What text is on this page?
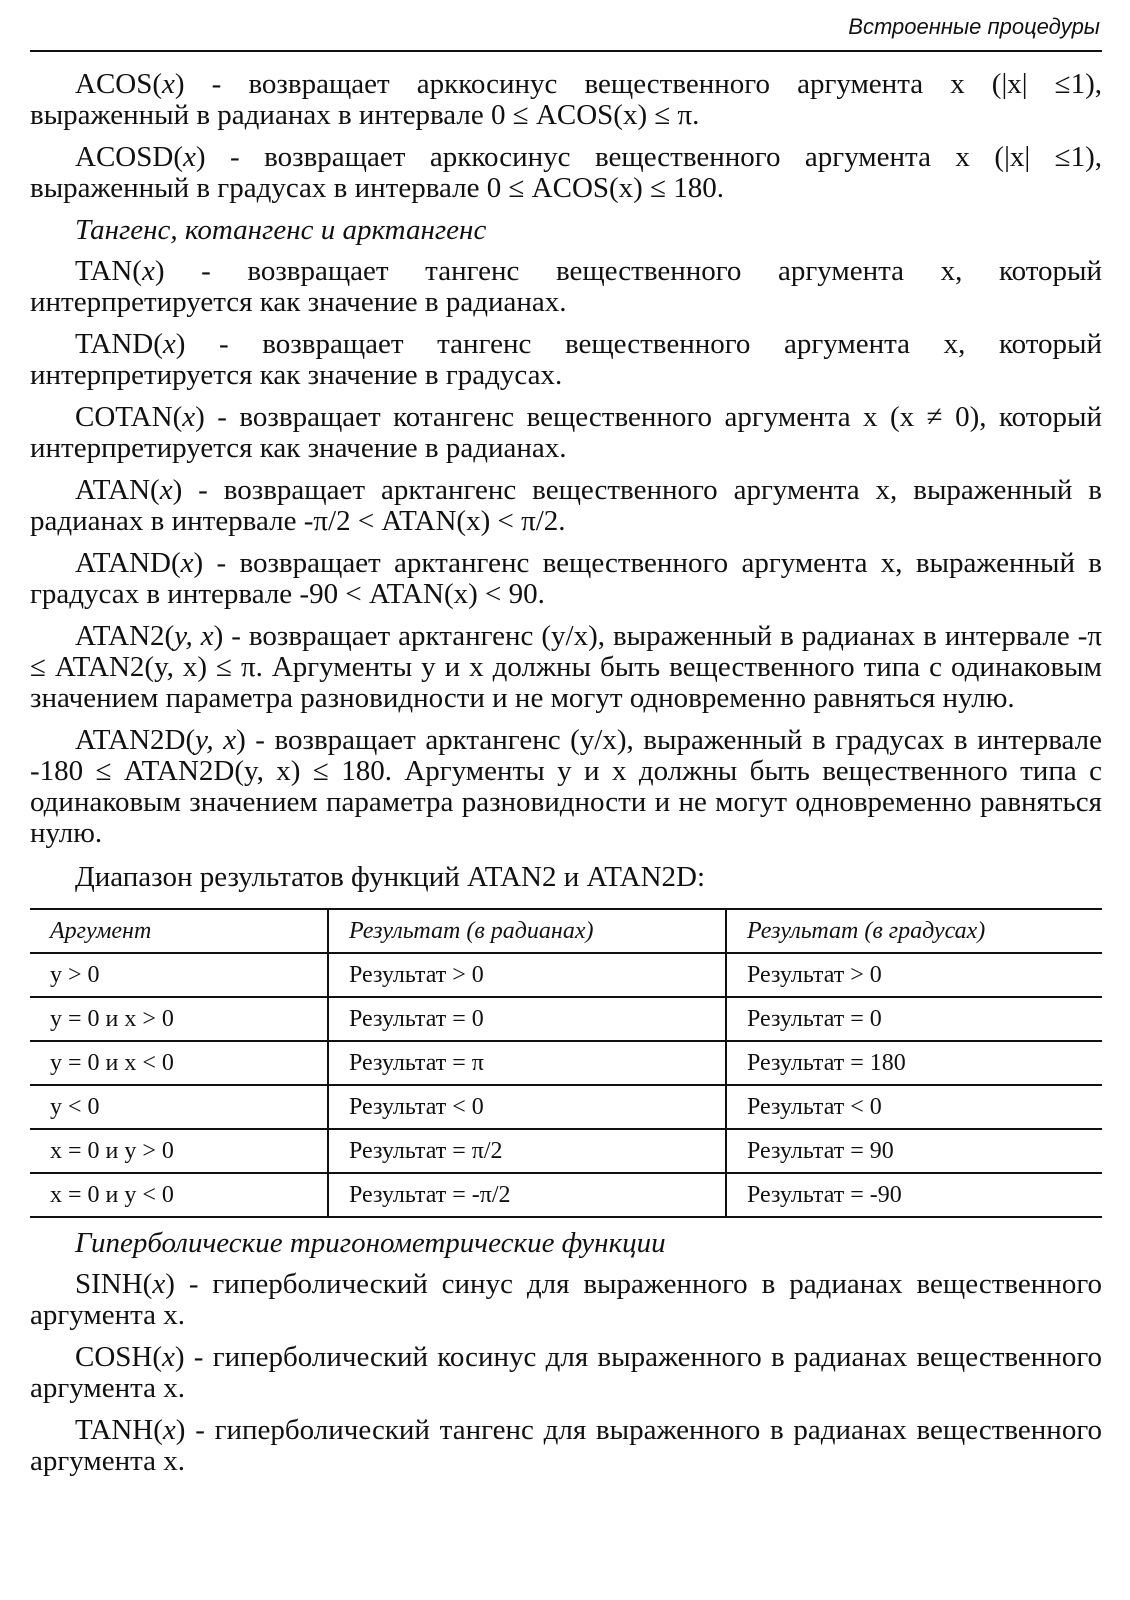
Встроенные процедуры

ACOS(x) - возвращает арккосинус вещественного аргумента x (|x| ≤1), выраженный в радианах в интервале 0 ≤ ACOS(x) ≤ π.

ACOSD(x) - возвращает арккосинус вещественного аргумента x (|x| ≤1), выраженный в градусах в интервале 0 ≤ ACOS(x) ≤ 180.

Тангенс, котангенс и арктангенс

TAN(x) - возвращает тангенс вещественного аргумента x, который интерпретируется как значение в радианах.

TAND(x) - возвращает тангенс вещественного аргумента x, который интерпретируется как значение в градусах.

COTAN(x) - возвращает котангенс вещественного аргумента x (x ≠ 0), который интерпретируется как значение в радианах.

ATAN(x) - возвращает арктангенс вещественного аргумента x, выраженный в радианах в интервале -π/2 < ATAN(x) < π/2.

ATAND(x) - возвращает арктангенс вещественного аргумента x, выраженный в градусах в интервале -90 < ATAN(x) < 90.

ATAN2(y, x) - возвращает арктангенс (y/x), выраженный в радианах в интервале -π ≤ ATAN2(y, x) ≤ π. Аргументы y и x должны быть вещественного типа с одинаковым значением параметра разновидности и не могут одновременно равняться нулю.

ATAN2D(y, x) - возвращает арктангенс (y/x), выраженный в градусах в интервале -180 ≤ ATAN2D(y, x) ≤ 180. Аргументы y и x должны быть вещественного типа с одинаковым значением параметра разновидности и не могут одновременно равняться нулю.

Диапазон результатов функций ATAN2 и ATAN2D:

Аргумент	Результат (в радианах)	Результат (в градусах)
y > 0	Результат > 0	Результат > 0
y = 0 и x > 0	Результат = 0	Результат = 0
y = 0 и x < 0	Результат = π	Результат = 180
y < 0	Результат < 0	Результат < 0
x = 0 и y > 0	Результат = π/2	Результат = 90
x = 0 и y < 0	Результат = -π/2	Результат = -90

Гиперболические тригонометрические функции

SINH(x) - гиперболический синус для выраженного в радианах вещественного аргумента x.

COSH(x) - гиперболический косинус для выраженного в радианах вещественного аргумента x.

TANH(x) - гиперболический тангенс для выраженного в радианах вещественного аргумента x.
